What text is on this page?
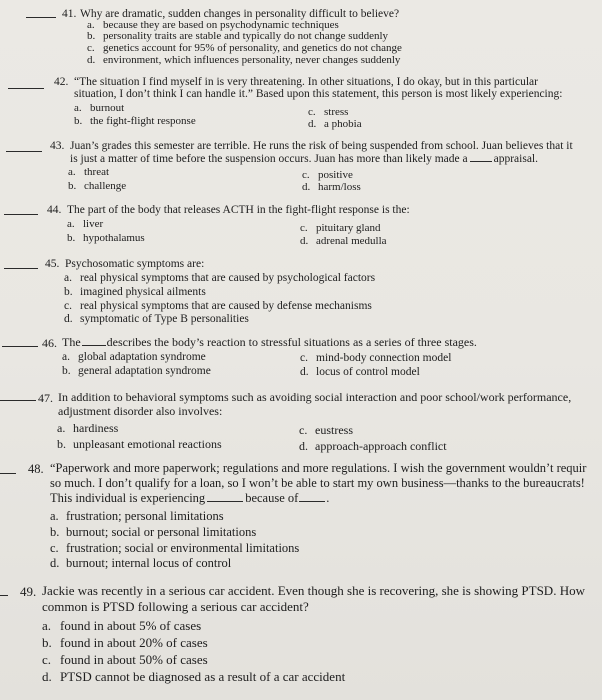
41. Why are dramatic, sudden changes in personality difficult to believe?
a. because they are based on psychodynamic techniques
b. personality traits are stable and typically do not change suddenly
c. genetics account for 95% of personality, and genetics do not change
d. environment, which influences personality, never changes suddenly
42. “The situation I find myself in is very threatening. In other situations, I do okay, but in this particular
situation, I don’t think I can handle it.” Based upon this statement, this person is most likely experiencing:
a. burnout
b. the fight-flight response
c. stress
d. a phobia
43. Juan’s grades this semester are terrible. He runs the risk of being suspended from school. Juan believes that it
is just a matter of time before the suspension occurs. Juan has more than likely made a appraisal.
a. threat
b. challenge
c. positive
d. harm/loss
44. The part of the body that releases ACTH in the fight-flight response is the:
a. liver
b. hypothalamus
c. pituitary gland
d. adrenal medulla
45. Psychosomatic symptoms are:
a. real physical symptoms that are caused by psychological factors
b. imagined physical ailments
c. real physical symptoms that are caused by defense mechanisms
d. symptomatic of Type B personalities
46. The describes the body’s reaction to stressful situations as a series of three stages.
a. global adaptation syndrome
b. general adaptation syndrome
c. mind-body connection model
d. locus of control model
47. In addition to behavioral symptoms such as avoiding social interaction and poor school/work performance,
adjustment disorder also involves:
a. hardiness
b. unpleasant emotional reactions
c. eustress
d. approach-approach conflict
48. “Paperwork and more paperwork; regulations and more regulations. I wish the government wouldn’t requir
so much. I don’t qualify for a loan, so I won’t be able to start my own business—thanks to the bureaucrats!
This individual is experiencing	because of .
a. frustration; personal limitations
b. burnout; social or personal limitations
c. frustration; social or environmental limitations
d. burnout; internal locus of control
49. Jackie was recently in a serious car accident. Even though she is recovering, she is showing PTSD. How
common is PTSD following a serious car accident?
a. found in about 5% of cases
b. found in about 20% of cases
c. found in about 50% of cases
d. PTSD cannot be diagnosed as a result of a car accident
